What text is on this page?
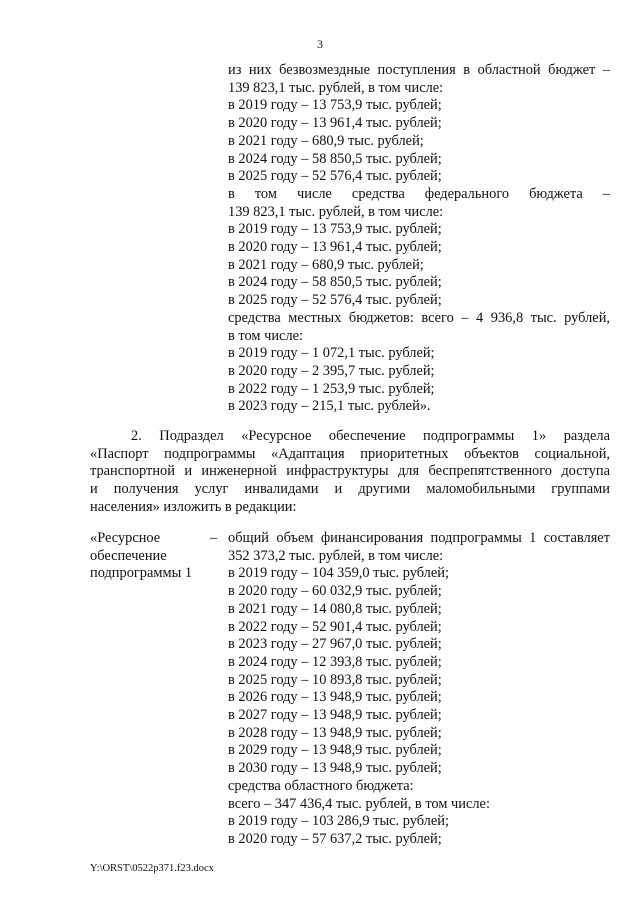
3
из них безвозмездные поступления в областной бюджет –
139 823,1 тыс. рублей, в том числе:
в 2019 году – 13 753,9 тыс. рублей;
в 2020 году – 13 961,4 тыс. рублей;
в 2021 году – 680,9 тыс. рублей;
в 2024 году – 58 850,5 тыс. рублей;
в 2025 году – 52 576,4 тыс. рублей;
в том числе средства федерального бюджета –
139 823,1 тыс. рублей, в том числе:
в 2019 году – 13 753,9 тыс. рублей;
в 2020 году – 13 961,4 тыс. рублей;
в 2021 году – 680,9 тыс. рублей;
в 2024 году – 58 850,5 тыс. рублей;
в 2025 году – 52 576,4 тыс. рублей;
средства местных бюджетов: всего – 4 936,8 тыс. рублей,
в том числе:
в 2019 году – 1 072,1 тыс. рублей;
в 2020 году – 2 395,7 тыс. рублей;
в 2022 году – 1 253,9 тыс. рублей;
в 2023 году – 215,1 тыс. рублей».
2. Подраздел «Ресурсное обеспечение подпрограммы 1» раздела
«Паспорт подпрограммы «Адаптация приоритетных объектов социальной,
транспортной и инженерной инфраструктуры для беспрепятственного доступа
и получения услуг инвалидами и другими маломобильными группами
населения» изложить в редакции:
«Ресурсное
обеспечение
подпрограммы 1
– общий объем финансирования подпрограммы 1 составляет
352 373,2 тыс. рублей, в том числе:
в 2019 году – 104 359,0 тыс. рублей;
в 2020 году – 60 032,9 тыс. рублей;
в 2021 году – 14 080,8 тыс. рублей;
в 2022 году – 52 901,4 тыс. рублей;
в 2023 году – 27 967,0 тыс. рублей;
в 2024 году – 12 393,8 тыс. рублей;
в 2025 году – 10 893,8 тыс. рублей;
в 2026 году – 13 948,9 тыс. рублей;
в 2027 году – 13 948,9 тыс. рублей;
в 2028 году – 13 948,9 тыс. рублей;
в 2029 году – 13 948,9 тыс. рублей;
в 2030 году – 13 948,9 тыс. рублей;
средства областного бюджета:
всего – 347 436,4 тыс. рублей, в том числе:
в 2019 году – 103 286,9 тыс. рублей;
в 2020 году – 57 637,2 тыс. рублей;
Y:\ORST\0522p371.f23.docx
